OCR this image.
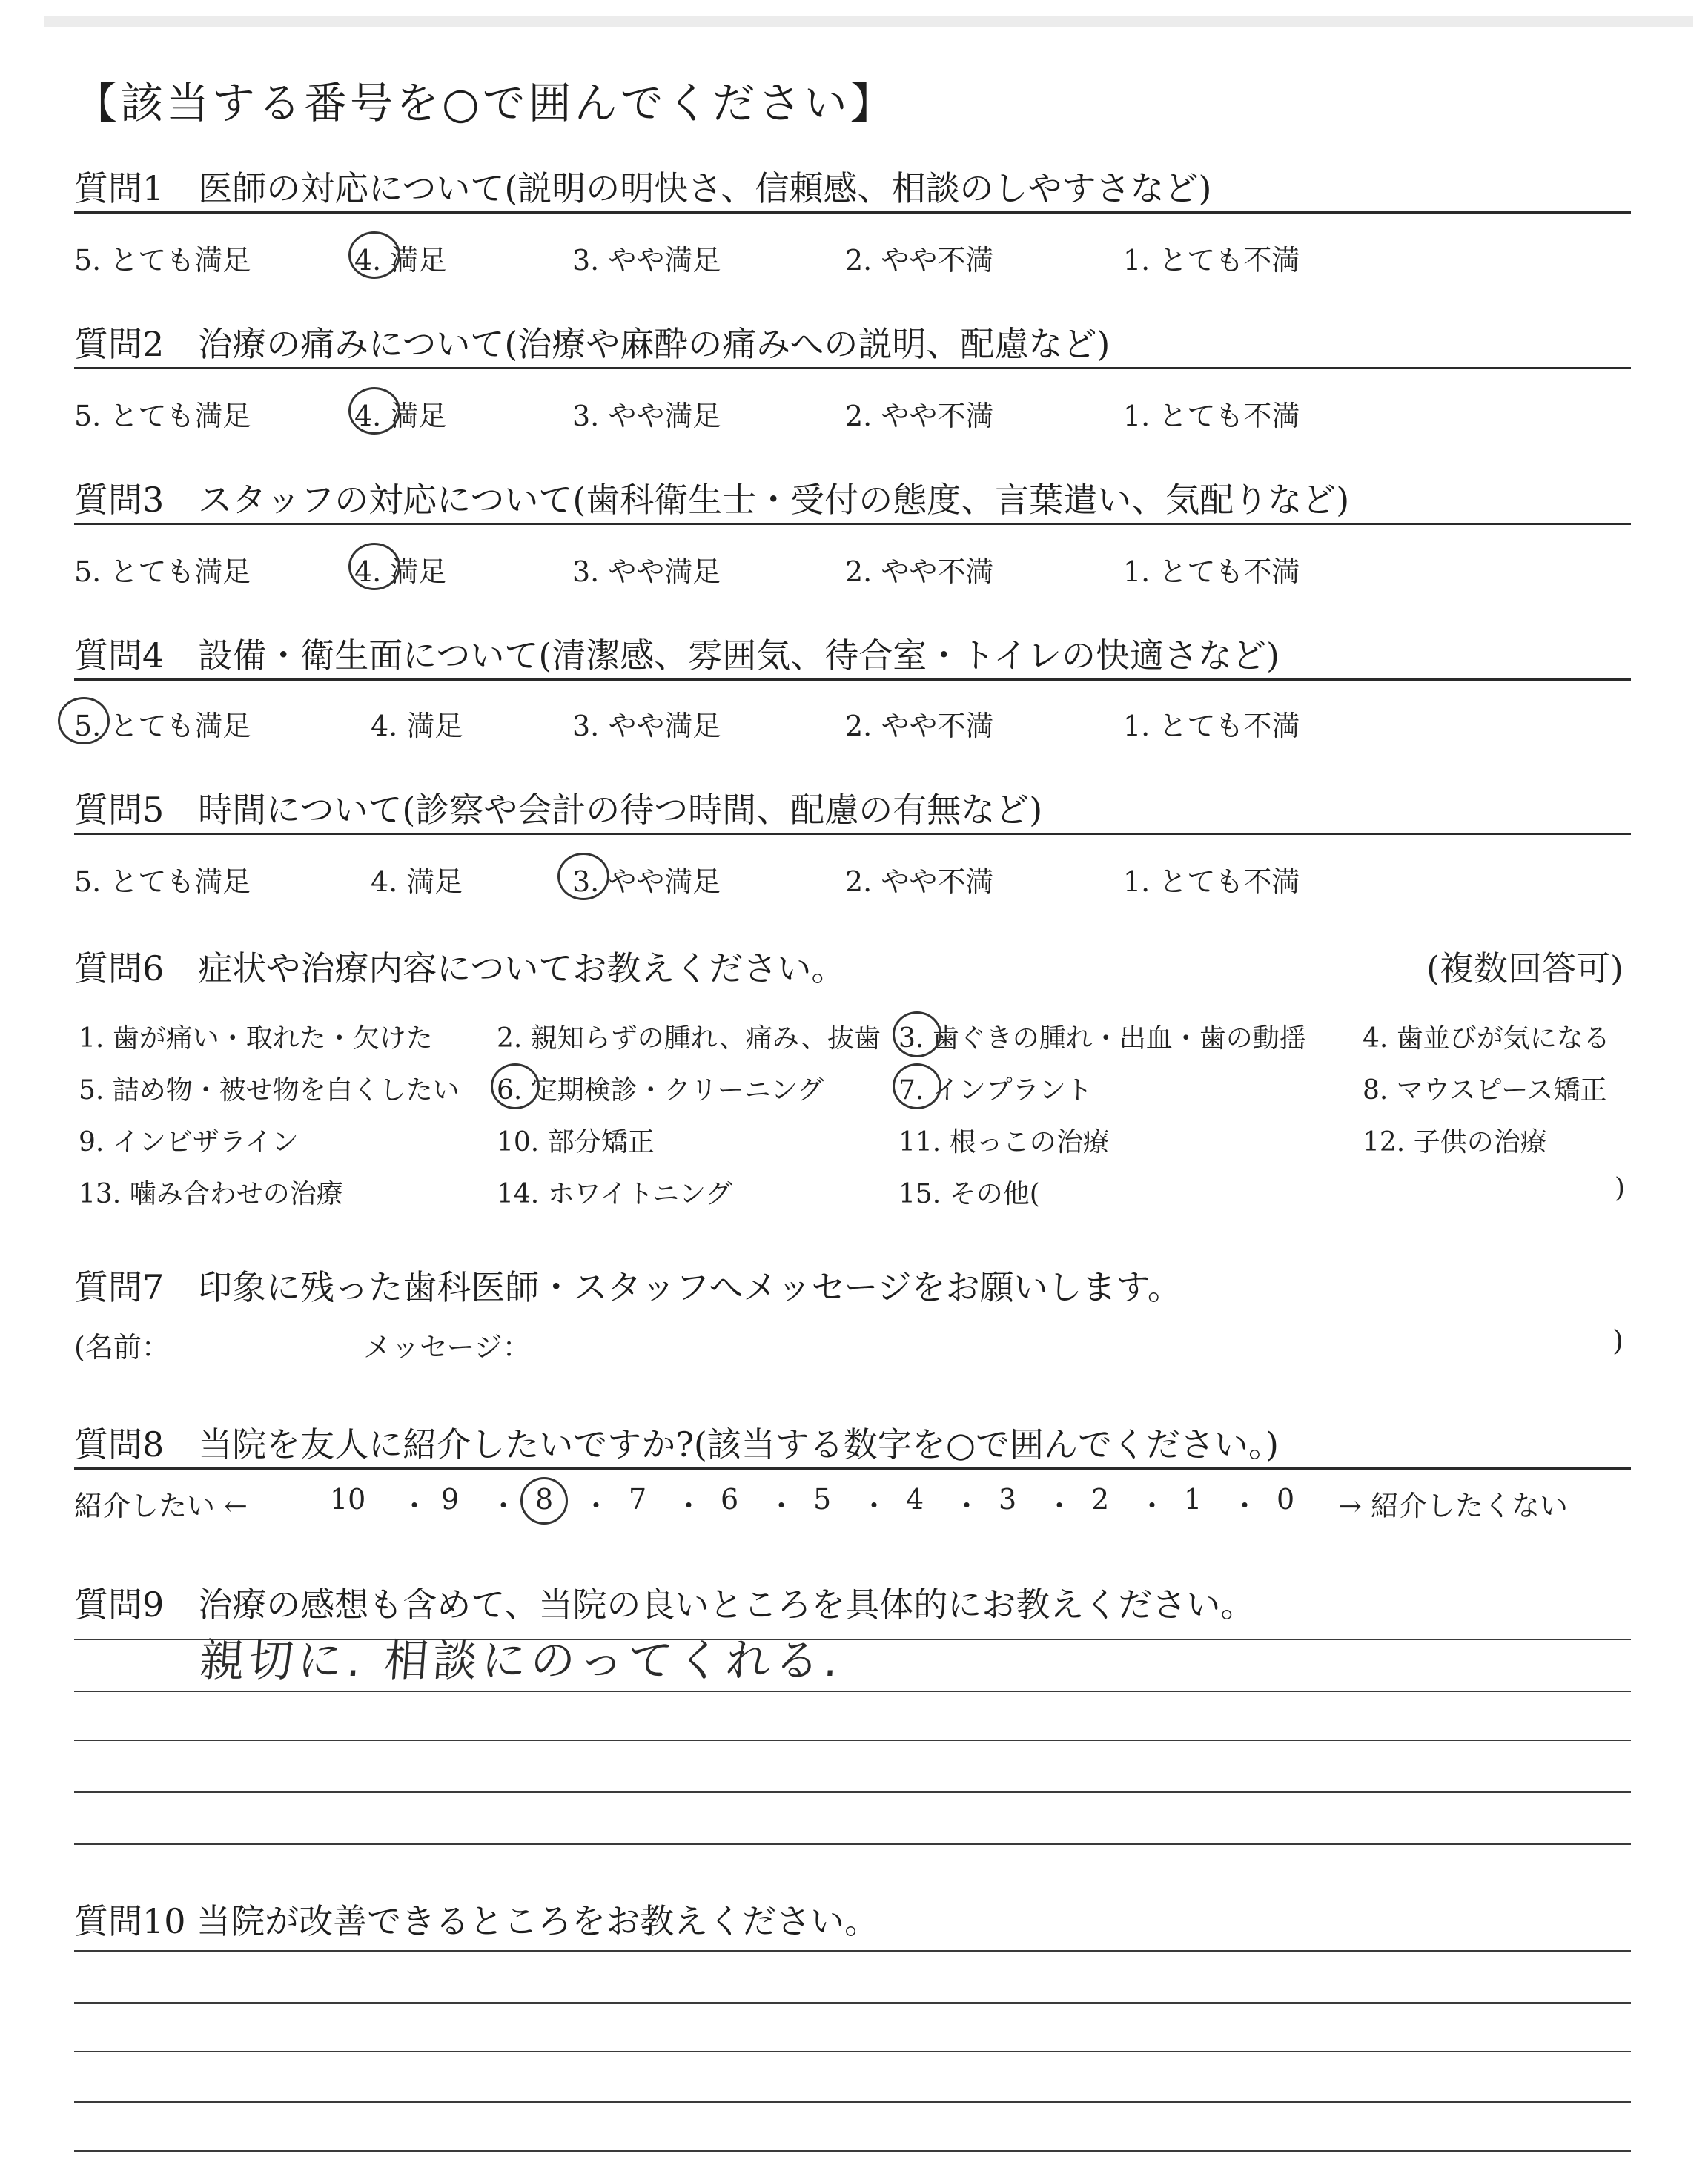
【該当する番号を○で囲んでください】
質問1　医師の対応について(説明の明快さ、信頼感、相談のしやすさなど)
5. とても満足	4. 満足	3. やや満足	2. やや不満	1. とても不満
質問2　治療の痛みについて(治療や麻酔の痛みへの説明、配慮など)
5. とても満足	4. 満足	3. やや満足	2. やや不満	1. とても不満
質問3　スタッフの対応について(歯科衛生士・受付の態度、言葉遣い、気配りなど)
5. とても満足	4. 満足	3. やや満足	2. やや不満	1. とても不満
質問4　設備・衛生面について(清潔感、雰囲気、待合室・トイレの快適さなど)
5. とても満足	4. 満足	3. やや満足	2. やや不満	1. とても不満
質問5　時間について(診察や会計の待つ時間、配慮の有無など)
5. とても満足	4. 満足	3. やや満足	2. やや不満	1. とても不満
質問6　症状や治療内容についてお教えください。	(複数回答可)
1. 歯が痛い・取れた・欠けた 2. 親知らずの腫れ、痛み、抜歯 3. 歯ぐきの腫れ・出血・歯の動揺 4. 歯並びが気になる
5. 詰め物・被せ物を白くしたい 6. 定期検診・クリーニング	7. インプラント	8. マウスピース矯正
9. インビザライン	10. 部分矯正	11. 根っこの治療	12. 子供の治療
13. 噛み合わせの治療	14. ホワイトニング	15. その他(	)
質問7　印象に残った歯科医師・スタッフへメッセージをお願いします。
(名前：	メッセージ：	)
質問8　当院を友人に紹介したいですか?(該当する数字を○で囲んでください。)
紹介したい ←	10 ・ 9 ・ 8 ・ 7 ・ 6 ・ 5 ・ 4 ・ 3 ・ 2 ・ 1 ・ 0 → 紹介したくない
質問9　治療の感想も含めて、当院の良いところを具体的にお教えください。
親切に. 相談にのってくれる.
質問10 当院が改善できるところをお教えください。
